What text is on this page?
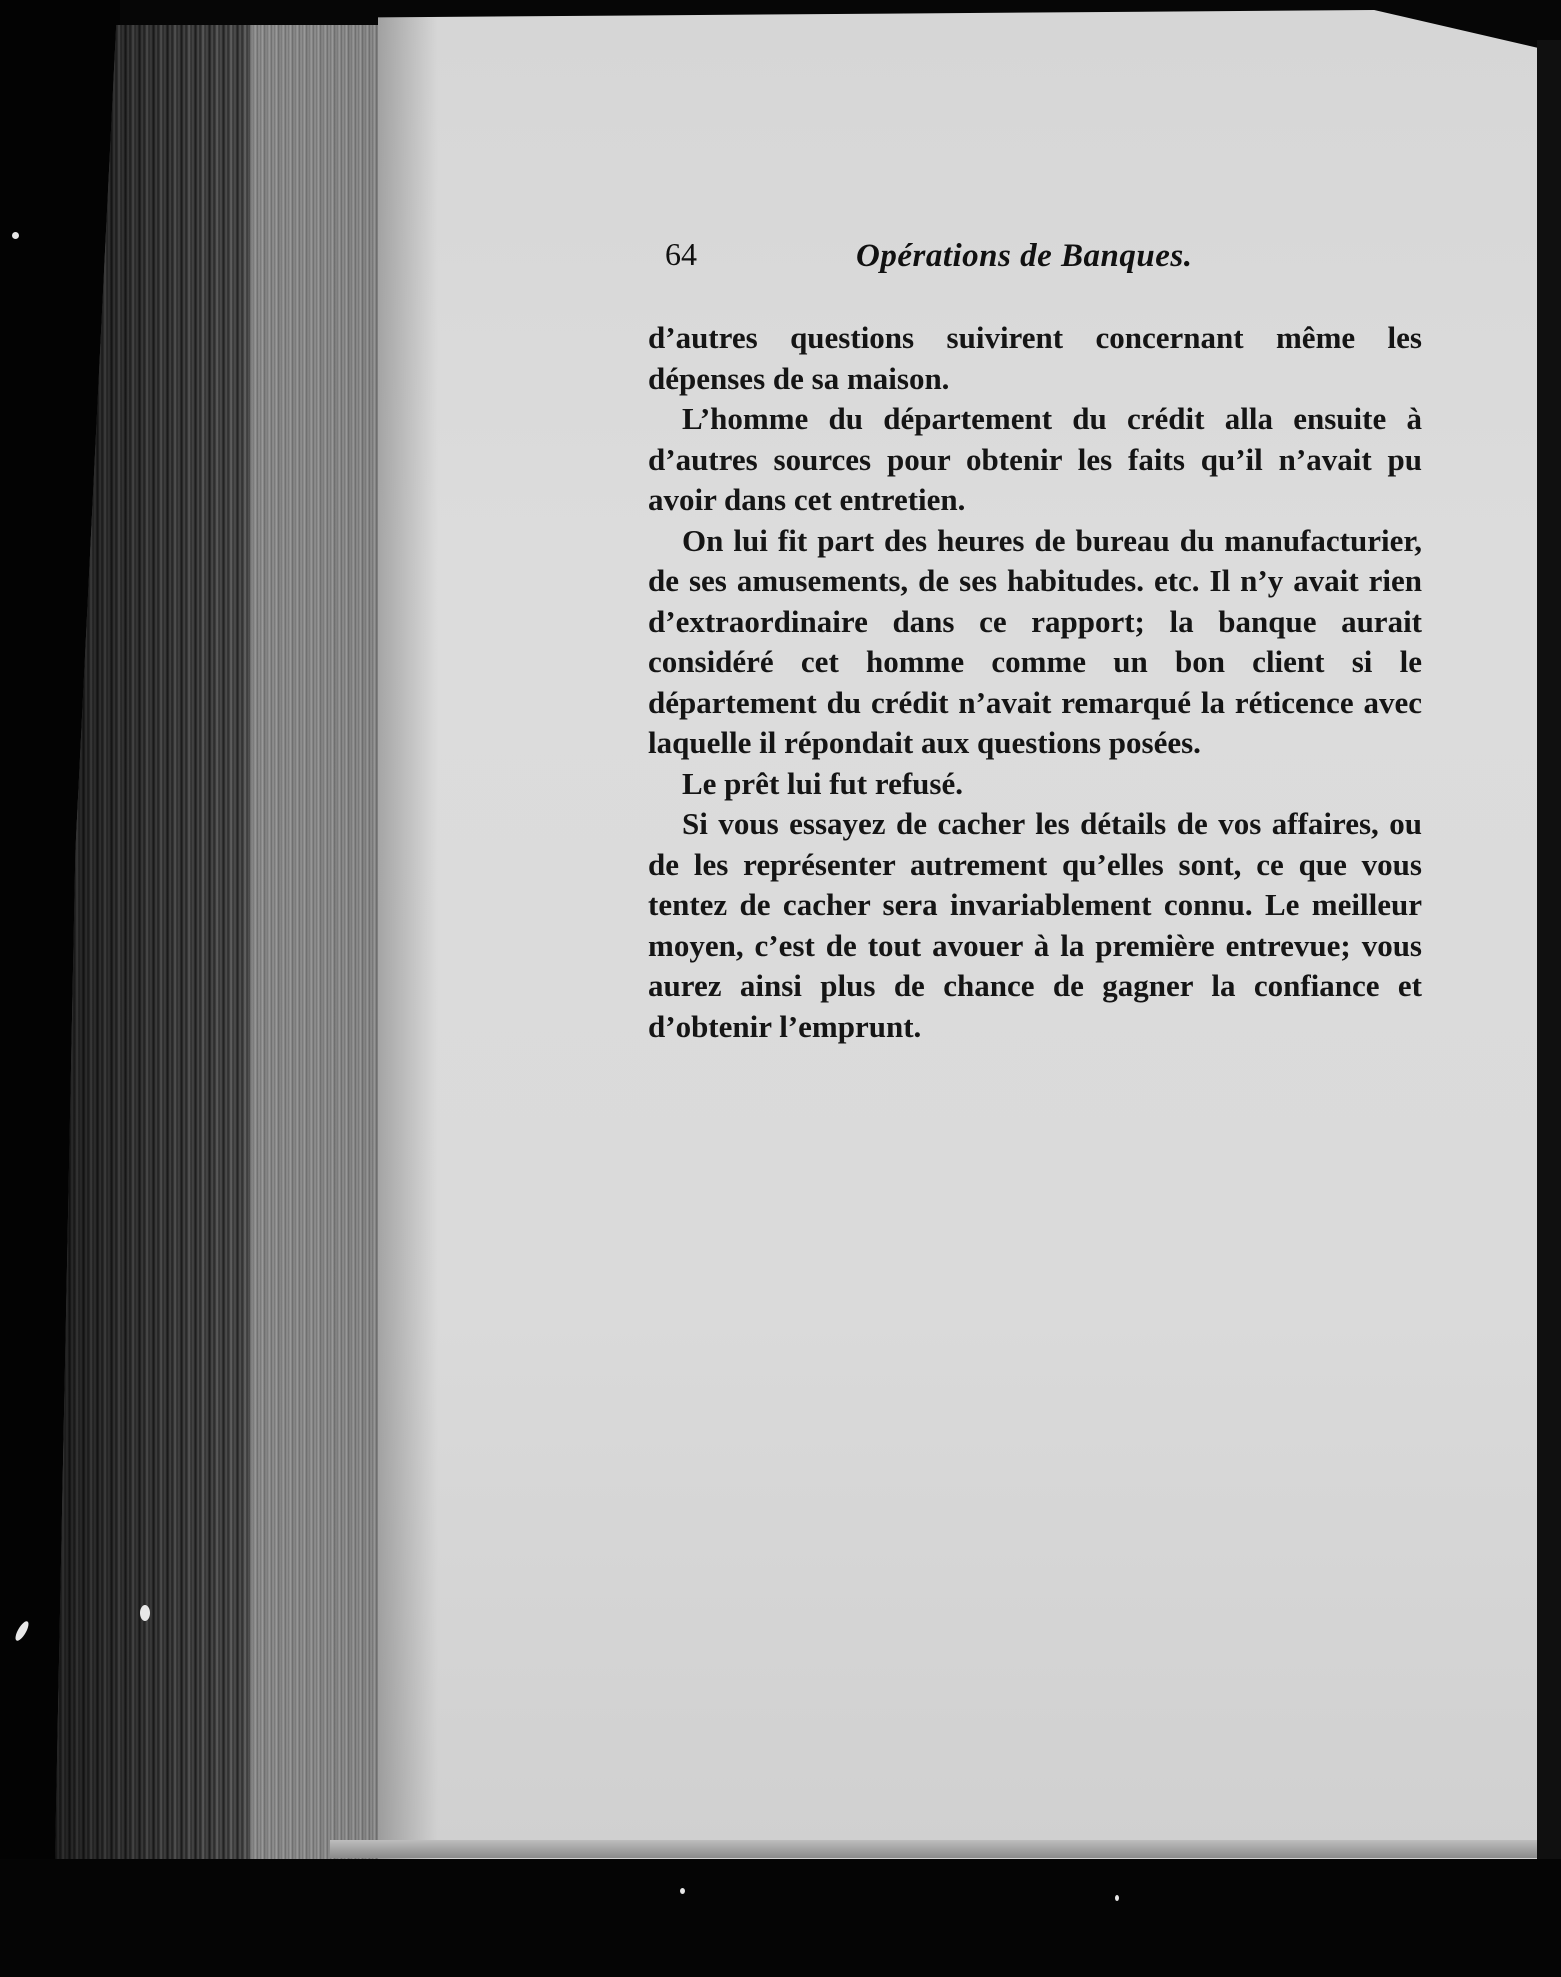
64	Opérations de Banques.

d’autres questions suivirent concernant même les dépenses de sa maison.

L’homme du département du crédit alla ensuite à d’autres sources pour obtenir les faits qu’il n’avait pu avoir dans cet entretien.

On lui fit part des heures de bureau du manufacturier, de ses amusements, de ses habitudes. etc. Il n’y avait rien d’extraordinaire dans ce rapport; la banque aurait considéré cet homme comme un bon client si le département du crédit n’avait remarqué la réticence avec laquelle il répondait aux questions posées.

Le prêt lui fut refusé.

Si vous essayez de cacher les détails de vos affaires, ou de les représenter autrement qu’elles sont, ce que vous tentez de cacher sera invariablement connu. Le meilleur moyen, c’est de tout avouer à la première entrevue; vous aurez ainsi plus de chance de gagner la confiance et d’obtenir l’emprunt.
